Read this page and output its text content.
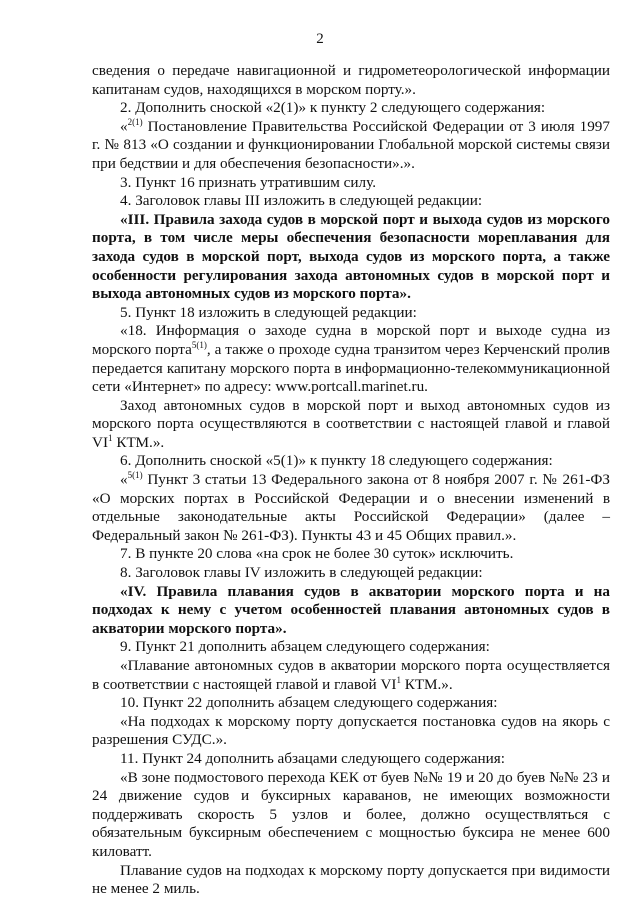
2

сведения о передаче навигационной и гидрометеорологической информации капитанам судов, находящихся в морском порту.».

2. Дополнить сноской «2(1)» к пункту 2 следующего содержания:

«$^{2(1)}$ Постановление Правительства Российской Федерации от 3 июля 1997 г. № 813 «О создании и функционировании Глобальной морской системы связи при бедствии и для обеспечения безопасности».».

3. Пункт 16 признать утратившим силу.

4. Заголовок главы III изложить в следующей редакции:

«III. Правила захода судов в морской порт и выхода судов из морского порта, в том числе меры обеспечения безопасности мореплавания для захода судов в морской порт, выхода судов из морского порта, а также особенности регулирования захода автономных судов в морской порт и выхода автономных судов из морского порта».

5. Пункт 18 изложить в следующей редакции:

«18. Информация о заходе судна в морской порт и выходе судна из морского порта$^{5(1)}$, а также о проходе судна транзитом через Керченский пролив передается капитану морского порта в информационно-телекоммуникационной сети «Интернет» по адресу: www.portcall.marinet.ru.

Заход автономных судов в морской порт и выход автономных судов из морского порта осуществляются в соответствии с настоящей главой и главой $VI^1$ КТМ.».

6. Дополнить сноской «5(1)» к пункту 18 следующего содержания:

«$^{5(1)}$ Пункт 3 статьи 13 Федерального закона от 8 ноября 2007 г. № 261-ФЗ «О морских портах в Российской Федерации и о внесении изменений в отдельные законодательные акты Российской Федерации» (далее – Федеральный закон № 261-ФЗ). Пункты 43 и 45 Общих правил.».

7. В пункте 20 слова «на срок не более 30 суток» исключить.

8. Заголовок главы IV изложить в следующей редакции:

«IV. Правила плавания судов в акватории морского порта и на подходах к нему с учетом особенностей плавания автономных судов в акватории морского порта».

9. Пункт 21 дополнить абзацем следующего содержания:

«Плавание автономных судов в акватории морского порта осуществляется в соответствии с настоящей главой и главой $VI^1$ КТМ.».

10. Пункт 22 дополнить абзацем следующего содержания:

«На подходах к морскому порту допускается постановка судов на якорь с разрешения СУДС.».

11. Пункт 24 дополнить абзацами следующего содержания:

«В зоне подмостового перехода КЕК от буев №№ 19 и 20 до буев №№ 23 и 24 движение судов и буксирных караванов, не имеющих возможности поддерживать скорость 5 узлов и более, должно осуществляться с обязательным буксирным обеспечением с мощностью буксира не менее 600 киловатт.

Плавание судов на подходах к морскому порту допускается при видимости не менее 2 миль.
